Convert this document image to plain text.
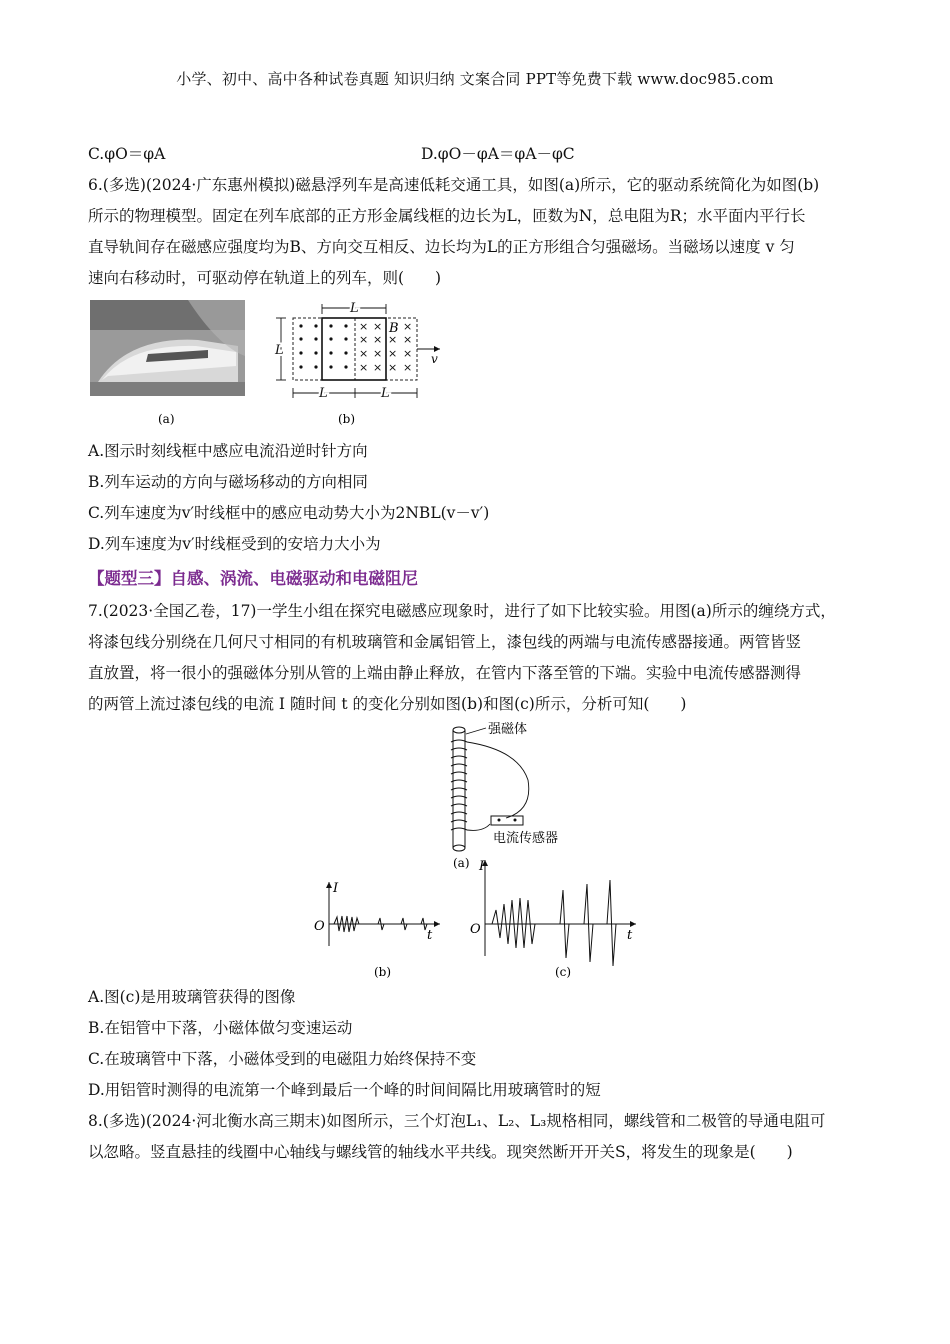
小学、初中、高中各种试卷真题 知识归纳 文案合同 PPT等免费下载 www.doc985.com
C.φO＝φA	D.φO－φA＝φA－φC
6.(多选)(2024·广东惠州模拟)磁悬浮列车是高速低耗交通工具，如图(a)所示，它的驱动系统简化为如图(b)
所示的物理模型。固定在列车底部的正方形金属线框的边长为L，匝数为N，总电阻为R；水平面内平行长
直导轨间存在磁感应强度均为B、方向交互相反、边长均为L的正方形组合匀强磁场。当磁场以速度 v 匀
速向右移动时，可驱动停在轨道上的列车，则(　　)
(a)
× ×
× × × ×
× × × ×
× × × ×
×
B
v
L
L
L	L
(b)
A.图示时刻线框中感应电流沿逆时针方向
B.列车运动的方向与磁场移动的方向相同
C.列车速度为v′时线框中的感应电动势大小为2NBL(v－v′)
D.列车速度为v′时线框受到的安培力大小为
【题型三】自感、涡流、电磁驱动和电磁阻尼
7.(2023·全国乙卷，17)一学生小组在探究电磁感应现象时，进行了如下比较实验。用图(a)所示的缠绕方式，
将漆包线分别绕在几何尺寸相同的有机玻璃管和金属铝管上，漆包线的两端与电流传感器接通。两管皆竖
直放置，将一很小的强磁体分别从管的上端由静止释放，在管内下落至管的下端。实验中电流传感器测得
的两管上流过漆包线的电流 I 随时间 t 的变化分别如图(b)和图(c)所示，分析可知(　　)
强磁体
电流传感器
(a)
I
O
t
(b)
I
O	t
(c)
A.图(c)是用玻璃管获得的图像
B.在铝管中下落，小磁体做匀变速运动
C.在玻璃管中下落，小磁体受到的电磁阻力始终保持不变
D.用铝管时测得的电流第一个峰到最后一个峰的时间间隔比用玻璃管时的短
8.(多选)(2024·河北衡水高三期末)如图所示，三个灯泡L₁、L₂、L₃规格相同，螺线管和二极管的导通电阻可
以忽略。竖直悬挂的线圈中心轴线与螺线管的轴线水平共线。现突然断开开关S，将发生的现象是(　　)
